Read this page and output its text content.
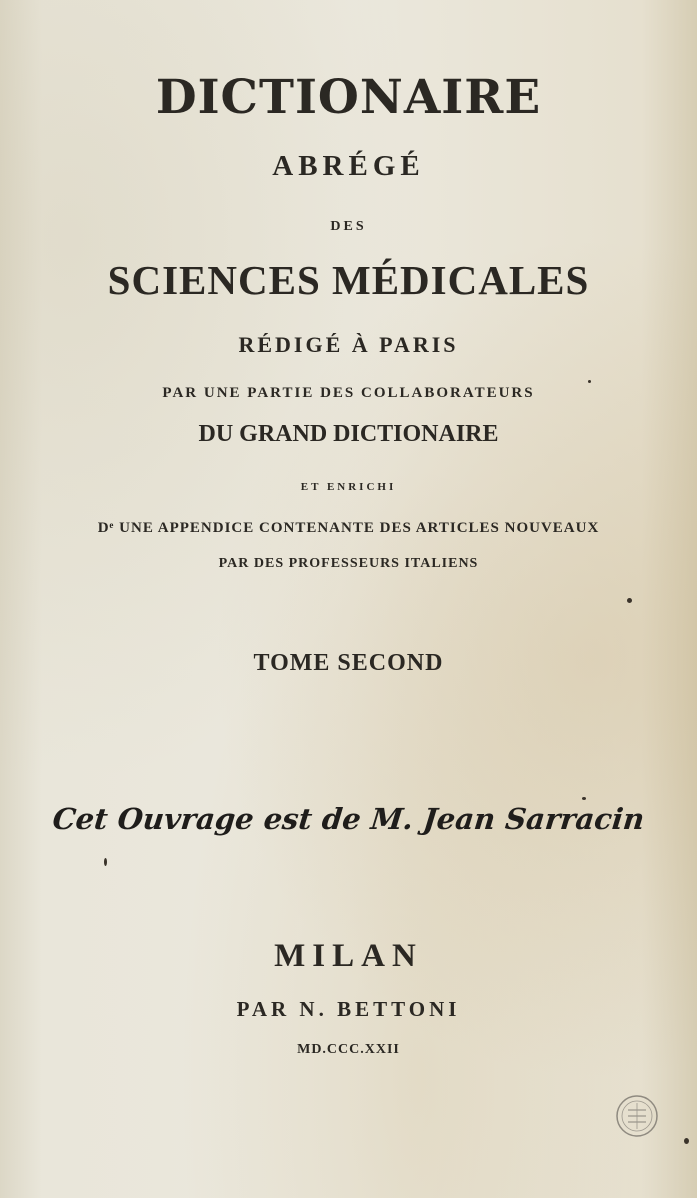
DICTIONAIRE
ABRÉGÉ
DES
SCIENCES MÉDICALES
RÉDIGÉ À PARIS
PAR UNE PARTIE DES COLLABORATEURS
DU GRAND DICTIONAIRE
ET ENRICHI
Dᵉ UNE APPENDICE CONTENANTE DES ARTICLES NOUVEAUX
PAR DES PROFESSEURS ITALIENS
TOME SECOND
Cet Ouvrage est de M. Jean Sarracin
MILAN
PAR N. BETTONI
MD.CCC.XXII
